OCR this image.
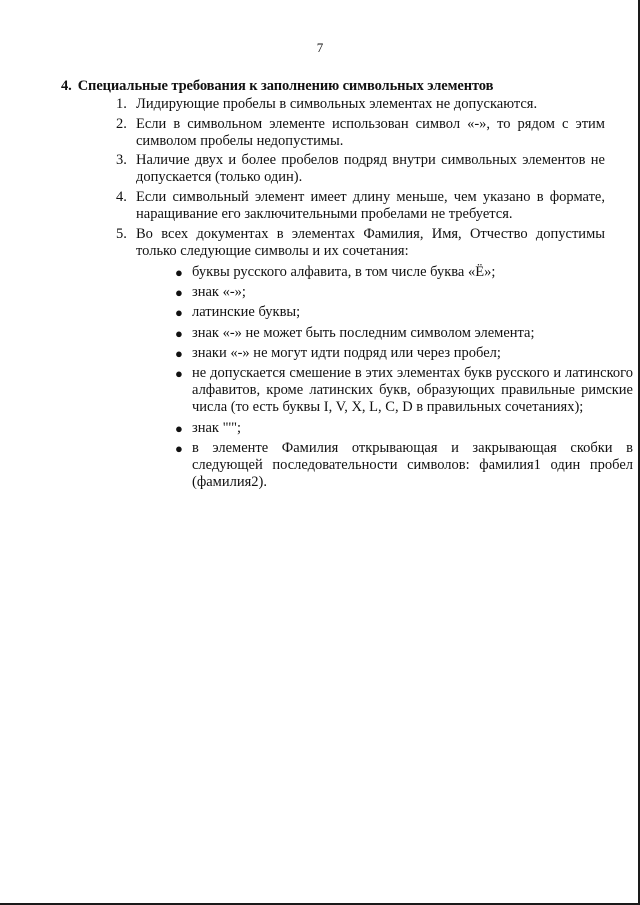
7
4. Специальные требования к заполнению символьных элементов
1. Лидирующие пробелы в символьных элементах не допускаются.
2. Если в символьном элементе использован символ «-», то рядом с этим символом пробелы недопустимы.
3. Наличие двух и более пробелов подряд внутри символьных элементов не допускается (только один).
4. Если символьный элемент имеет длину меньше, чем указано в формате, наращивание его заключительными пробелами не требуется.
5. Во всех документах в элементах Фамилия, Имя, Отчество допустимы только следующие символы и их сочетания:
● буквы русского алфавита, в том числе буква «Ё»;
● знак «-»;
● латинские буквы;
● знак «-» не может быть последним символом элемента;
● знаки «-» не могут идти подряд или через пробел;
● не допускается смешение в этих элементах букв русского и латинского алфавитов, кроме латинских букв, образующих правильные римские числа (то есть буквы I, V, X, L, C, D в правильных сочетаниях);
● знак "'";
● в элементе Фамилия открывающая и закрывающая скобки в следующей последовательности символов: фамилия1 один пробел (фамилия2).
